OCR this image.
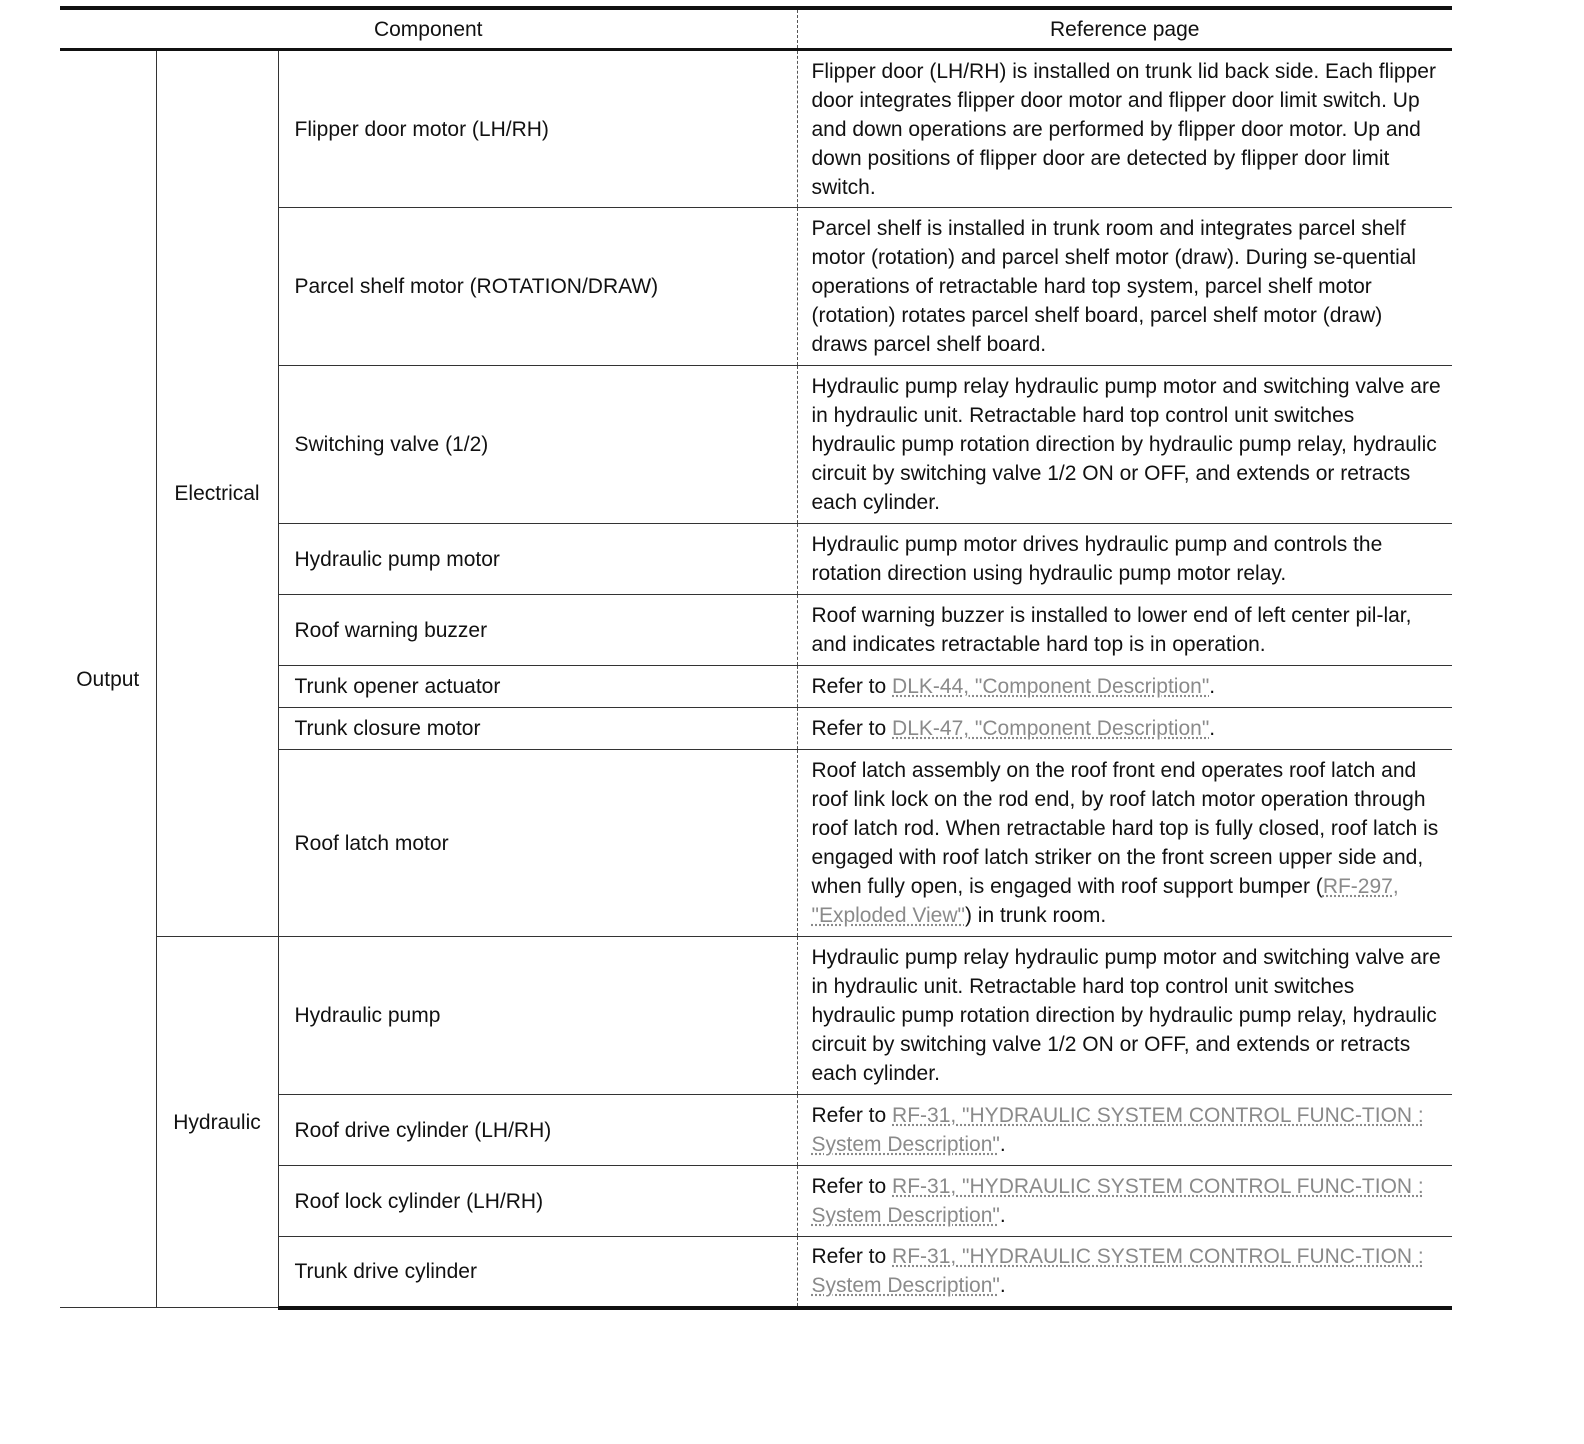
Component			Reference page
Output	Electrical	Flipper door motor (LH/RH)	Flipper door (LH/RH) is installed on trunk lid back side. Each flipper door integrates flipper door motor and flipper door limit switch. Up and down operations are performed by flipper door motor. Up and down positions of flipper door are detected by flipper door limit switch.
		Parcel shelf motor (ROTATION/DRAW)	Parcel shelf is installed in trunk room and integrates parcel shelf motor (rotation) and parcel shelf motor (draw). During se-quential operations of retractable hard top system, parcel shelf motor (rotation) rotates parcel shelf board, parcel shelf motor (draw) draws parcel shelf board.
		Switching valve (1/2)	Hydraulic pump relay hydraulic pump motor and switching valve are in hydraulic unit. Retractable hard top control unit switches hydraulic pump rotation direction by hydraulic pump relay, hydraulic circuit by switching valve 1/2 ON or OFF, and extends or retracts each cylinder.
		Hydraulic pump motor	Hydraulic pump motor drives hydraulic pump and controls the rotation direction using hydraulic pump motor relay.
		Roof warning buzzer	Roof warning buzzer is installed to lower end of left center pil-lar, and indicates retractable hard top is in operation.
		Trunk opener actuator	Refer to DLK-44, "Component Description".
		Trunk closure motor	Refer to DLK-47, "Component Description".
		Roof latch motor	Roof latch assembly on the roof front end operates roof latch and roof link lock on the rod end, by roof latch motor operation through roof latch rod. When retractable hard top is fully closed, roof latch is engaged with roof latch striker on the front screen upper side and, when fully open, is engaged with roof support bumper (RF-297, "Exploded View") in trunk room.
	Hydraulic	Hydraulic pump	Hydraulic pump relay hydraulic pump motor and switching valve are in hydraulic unit. Retractable hard top control unit switches hydraulic pump rotation direction by hydraulic pump relay, hydraulic circuit by switching valve 1/2 ON or OFF, and extends or retracts each cylinder.
		Roof drive cylinder (LH/RH)	Refer to RF-31, "HYDRAULIC SYSTEM CONTROL FUNC-TION : System Description".
		Roof lock cylinder (LH/RH)	Refer to RF-31, "HYDRAULIC SYSTEM CONTROL FUNC-TION : System Description".
		Trunk drive cylinder	Refer to RF-31, "HYDRAULIC SYSTEM CONTROL FUNC-TION : System Description".
